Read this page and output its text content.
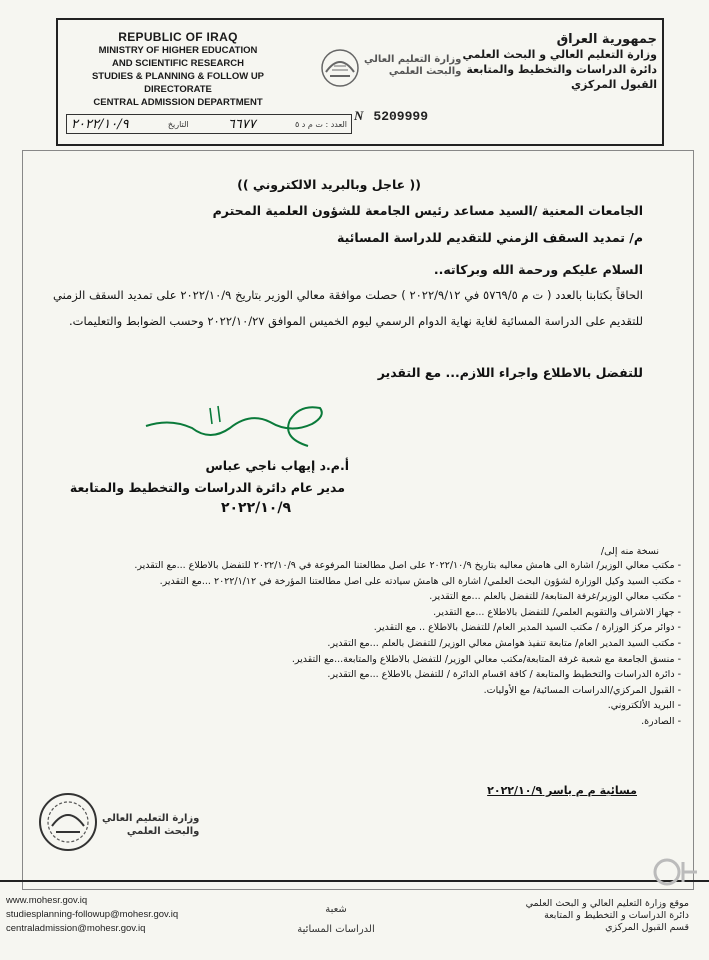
REPUBLIC OF IRAQ
MINISTRY OF HIGHER EDUCATION
AND SCIENTIFIC RESEARCH
STUDIES & PLANNING & FOLLOW UP DIRECTORATE
CENTRAL ADMISSION DEPARTMENT
جمهورية العراق
وزارة التعليم العالي و البحث العلمي
دائرة الدراسات والتخطيط والمتابعة
القبول المركزي
وزارة التعليم العالي
والبحث العلمي
العدد : ت م د ٥
٦٦٧٧
التاريخ
٢٠٢٢/١٠/٩
N 5209999
(( عاجل وبالبريد الالكتروني ))
الجامعات المعنية /السيد مساعد رئيس الجامعة للشؤون العلمية المحترم
م/ تمديد السقف الزمني للتقديم للدراسة المسائية
السلام عليكم ورحمة الله وبركاته..
الحاقاً بكتابنا بالعدد ( ت م ٥٧٦٩/٥ في ٢٠٢٢/٩/١٢ ) حصلت موافقة معالي الوزير بتاريخ ٢٠٢٢/١٠/٩ على تمديد السقف الزمني للتقديم على الدراسة المسائية لغاية نهاية الدوام الرسمي ليوم الخميس الموافق ٢٠٢٢/١٠/٢٧ وحسب الضوابط والتعليمات.
للتفضل بالاطلاع واجراء اللازم... مع التقدير
أ.م.د إيهاب ناجي عباس
مدير عام دائرة الدراسات والتخطيط والمتابعة
٢٠٢٢/١٠/٩
نسخة منه إلى/
- مكتب معالي الوزير/ اشارة الى هامش معاليه بتاريخ ٢٠٢٢/١٠/٩ على اصل مطالعتنا المرفوعة في ٢٠٢٢/١٠/٩ للتفضل بالاطلاع ...مع التقدير.
- مكتب السيد وكيل الوزارة لشؤون البحث العلمي/ اشارة الى هامش سيادته على اصل مطالعتنا المؤرخة في ٢٠٢٢/١/١٢ ...مع التقدير.
- مكتب معالي الوزير/غرفة المتابعة/ للتفضل بالعلم ...مع التقدير.
- جهاز الاشراف والتقويم العلمي/ للتفضل بالاطلاع ...مع التقدير.
- دوائر مركز الوزارة / مكتب السيد المدير العام/ للتفضل بالاطلاع .. مع التقدير.
- مكتب السيد المدير العام/ متابعة تنفيذ هوامش معالي الوزير/ للتفضل بالعلم ...مع التقدير.
- منسق الجامعة مع شعبة غرفة المتابعة/مكتب معالي الوزير/ للتفضل بالاطلاع والمتابعة...مع التقدير.
- دائرة الدراسات والتخطيط والمتابعة / كافة اقسام الدائرة / للتفضل بالاطلاع ...مع التقدير.
- القبول المركزي/الدراسات المسائية/ مع الأوليات.
- البريد الألكتروني.
- الصادرة.
مسائية م م ياسر ٢٠٢٢/١٠/٩
وزارة التعليم العالي
والبحث العلمي
www.mohesr.gov.iq
studiesplanning-followup@mohesr.gov.iq
centraladmission@mohesr.gov.iq
شعبة
الدراسات المسائية
موقع وزارة التعليم العالي و البحث العلمي
دائرة الدراسات و التخطيط و المتابعة
قسم القبول المركزي
